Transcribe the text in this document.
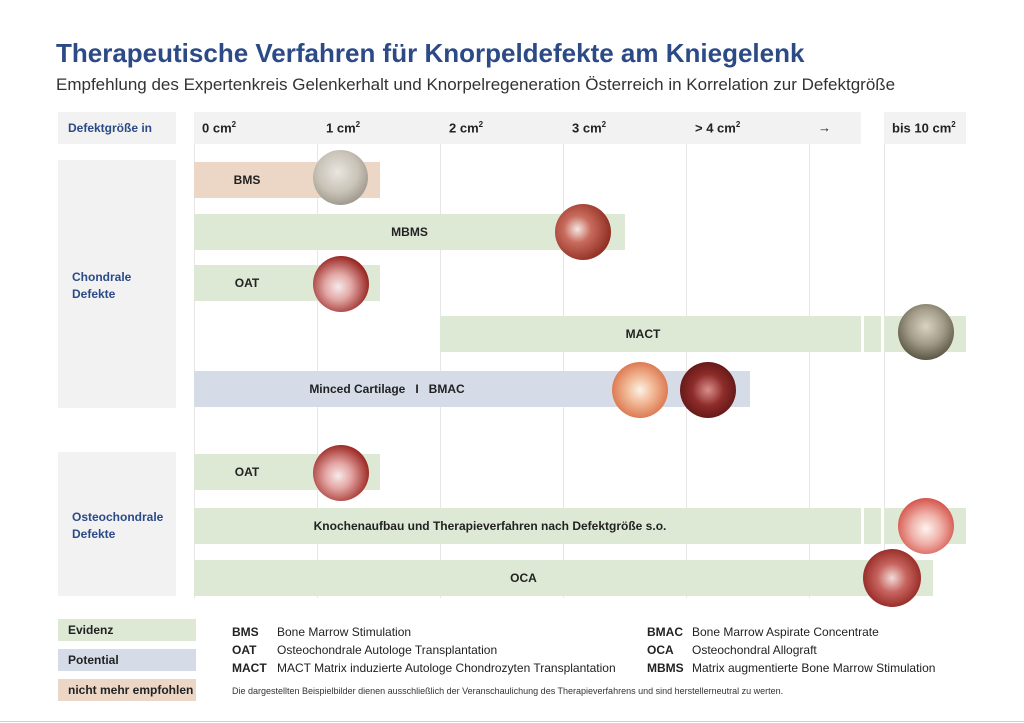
Therapeutische Verfahren für Knorpeldefekte am Kniegelenk
Empfehlung des Expertenkreis Gelenkerhalt und Knorpelregeneration Österreich in Korrelation zur Defektgröße
Defektgröße in	0 $cm^2$	1 $cm^2$	2 $cm^2$	3 $cm^2$	> 4 $cm^2$	→	bis 10 $cm^2$
Chondrale Defekte
Osteochondrale Defekte
BMS
MBMS
OAT
MACT
Minced Cartilage   I   BMAC
OAT
Knochenaufbau und Therapieverfahren nach Defektgröße s.o.
OCA
Evidenz
Potential
nicht mehr empfohlen
BMS Bone Marrow Stimulation
OAT Osteochondrale Autologe Transplantation
MACT MACT Matrix induzierte Autologe Chondrozyten Transplantation
BMAC Bone Marrow Aspirate Concentrate
OCA Osteochondral Allograft
MBMS Matrix augmentierte Bone Marrow Stimulation
Die dargestellten Beispielbilder dienen ausschließlich der Veranschaulichung des Therapieverfahrens und sind herstellerneutral zu werten.
